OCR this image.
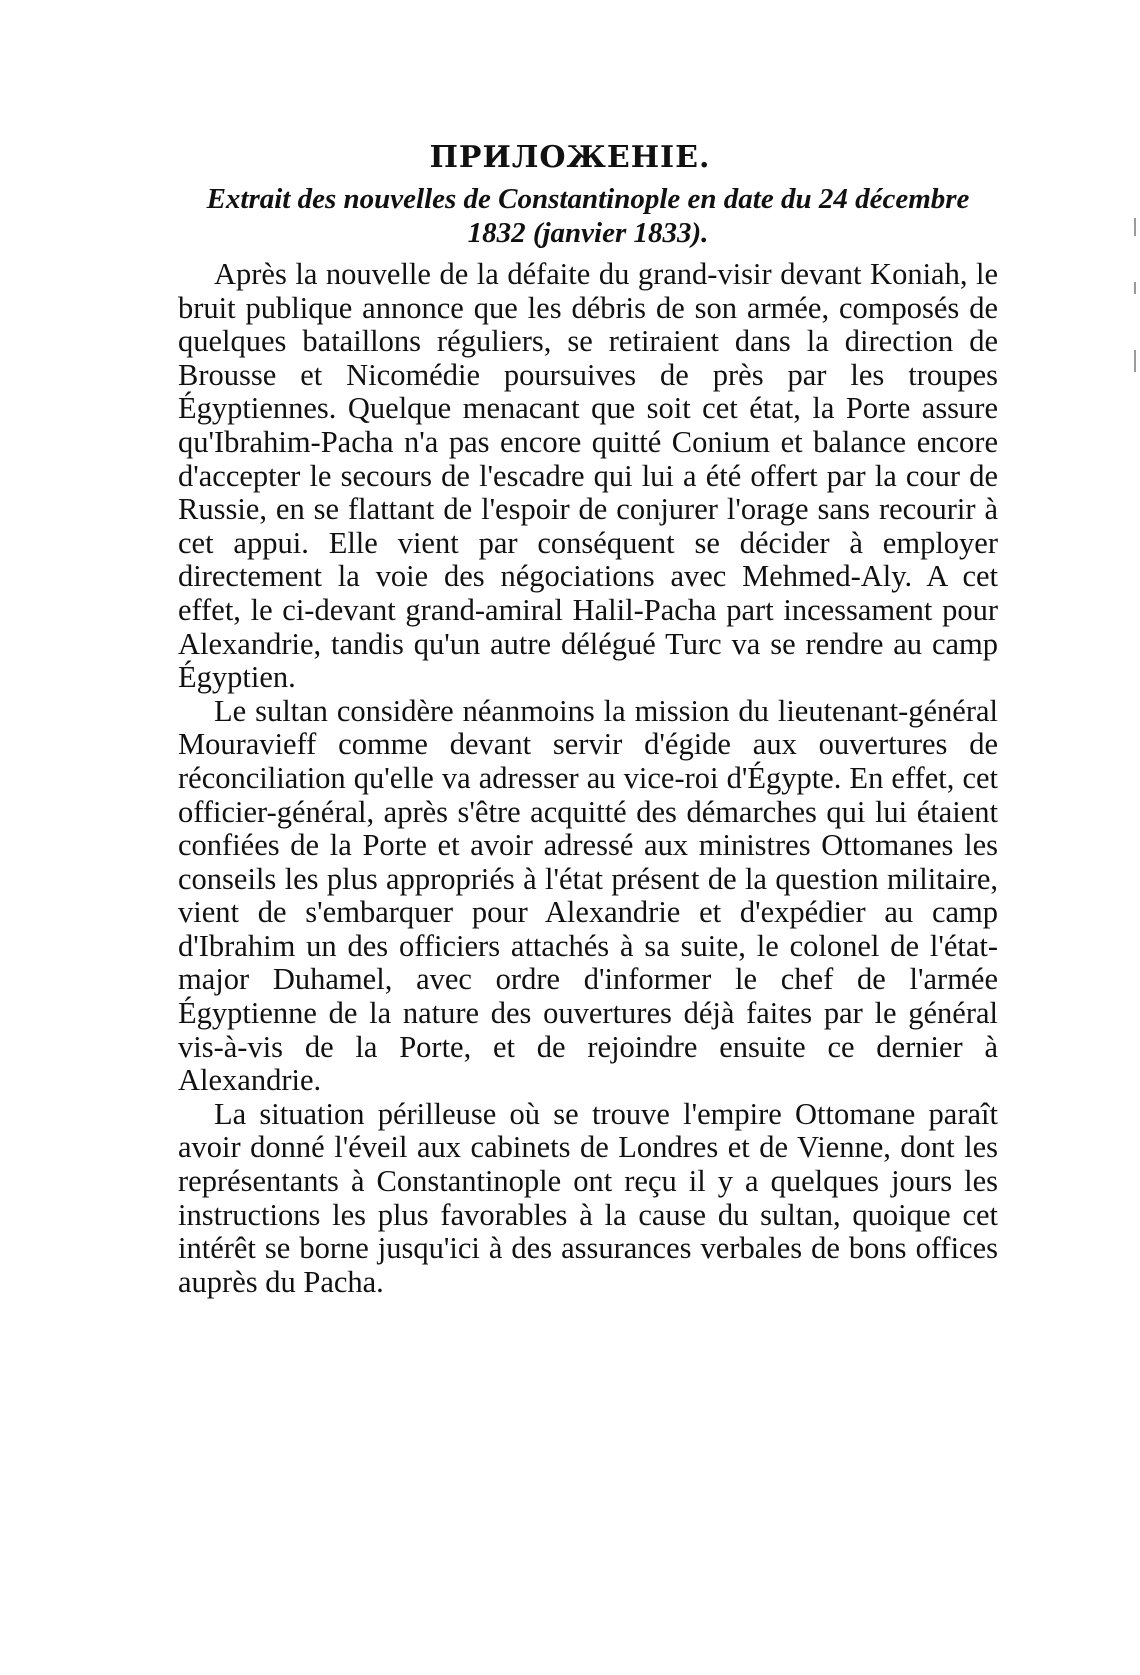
ПРИЛОЖЕНIЕ.
Extrait des nouvelles de Constantinople en date du 24 décembre
1832 (janvier 1833).

Après la nouvelle de la défaite du grand-visir devant Koniah, le bruit publique annonce que les débris de son armée, composés de quelques bataillons réguliers, se retiraient dans la direction de Brousse et Nicomédie poursuives de près par les troupes Égyptiennes. Quelque menacant que soit cet état, la Porte assure qu'Ibrahim-Pacha n'a pas encore quitté Conium et balance encore d'accepter le secours de l'escadre qui lui a été offert par la cour de Russie, en se flattant de l'espoir de conjurer l'orage sans recourir à cet appui. Elle vient par conséquent se décider à employer directement la voie des négociations avec Mehmed-Aly. A cet effet, le ci-devant grand-amiral Halil-Pacha part incessament pour Alexandrie, tandis qu'un autre délégué Turc va se rendre au camp Égyptien.

Le sultan considère néanmoins la mission du lieutenant-général Mouravieff comme devant servir d'égide aux ouvertures de réconciliation qu'elle va adresser au vice-roi d'Égypte. En effet, cet officier-général, après s'être acquitté des démarches qui lui étaient confiées de la Porte et avoir adressé aux ministres Ottomanes les conseils les plus appropriés à l'état présent de la question militaire, vient de s'embarquer pour Alexandrie et d'expédier au camp d'Ibrahim un des officiers attachés à sa suite, le colonel de l'état-major Duhamel, avec ordre d'informer le chef de l'armée Égyptienne de la nature des ouvertures déjà faites par le général vis-à-vis de la Porte, et de rejoindre ensuite ce dernier à Alexandrie.

La situation périlleuse où se trouve l'empire Ottomane paraît avoir donné l'éveil aux cabinets de Londres et de Vienne, dont les représentants à Constantinople ont reçu il y a quelques jours les instructions les plus favorables à la cause du sultan, quoique cet intérêt se borne jusqu'ici à des assurances verbales de bons offices auprès du Pacha.
